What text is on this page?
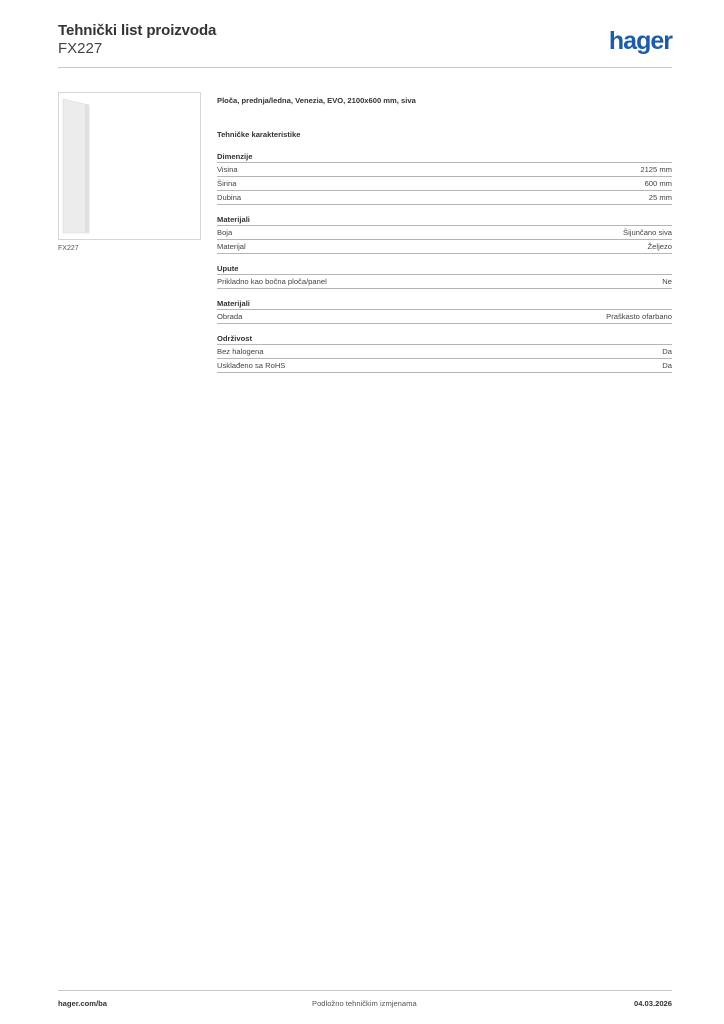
Tehnički list proizvoda
FX227	hager
FX227
Ploča, prednja/ledna, Venezia, EVO, 2100x600 mm, siva
Tehničke karakteristike
Dimenzije
Visina	2125 mm
Širina	600 mm
Dubina	25 mm
Materijali
Boja	Šijunčano siva
Materijal	Željezo
Upute
Prikladno kao bočna ploča/panel	Ne
Materijali
Obrada	Praškasto ofarbano
Održivost
Bez halogena	Da
Usklađeno sa RoHS	Da
hager.com/ba	Podložno tehničkim izmjenama	04.03.2026
